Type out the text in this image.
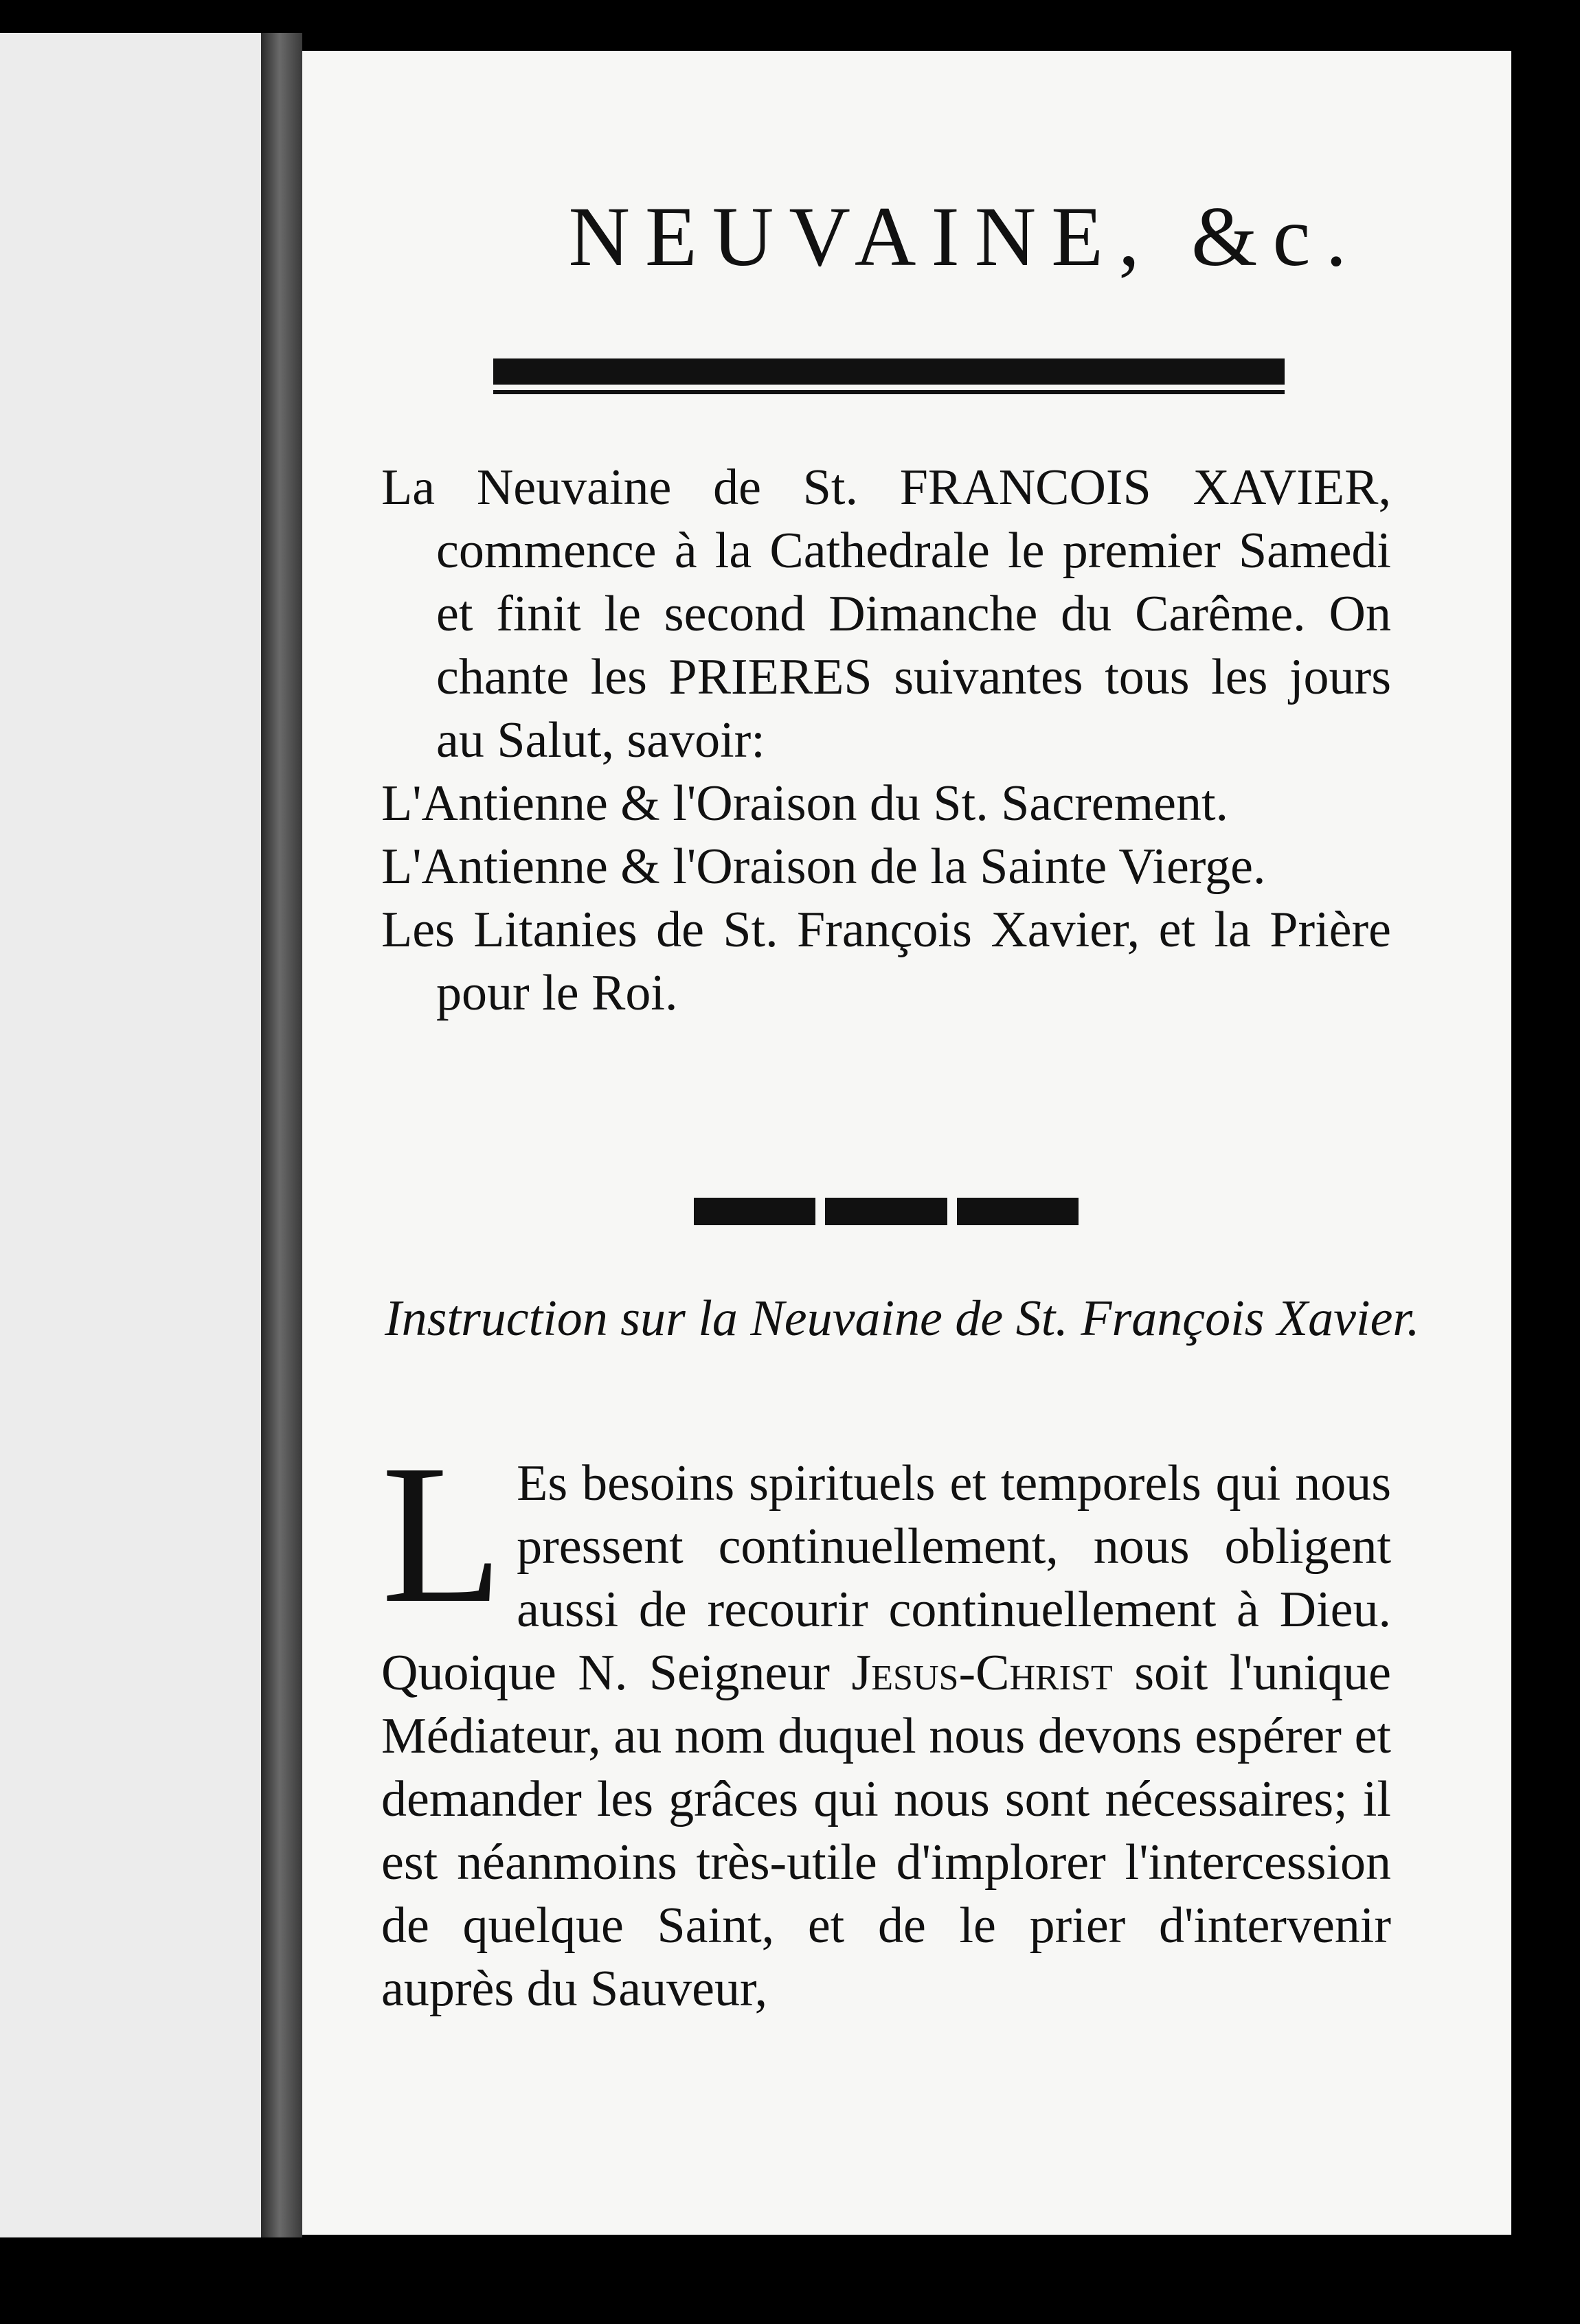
NEUVAINE, &c.

La Neuvaine de St. FRANCOIS XAVIER, commence à la Cathedrale le premier Samedi et finit le second Dimanche du Carême. On chante les PRIERES suivantes tous les jours au Salut, savoir:

L'Antienne & l'Oraison du St. Sacrement.

L'Antienne & l'Oraison de la Sainte Vierge.

Les Litanies de St. François Xavier, et la Prière pour le Roi.

Instruction sur la Neuvaine de St. François Xavier.
L Es besoins spirituels et temporels qui nous pressent continuellement, nous obligent aussi de recourir continuellement à Dieu. Quoique N. Seigneur Jesus-Christ soit l'unique Médiateur, au nom duquel nous devons espérer et demander les grâces qui nous sont nécessaires; il est néanmoins très-utile d'implorer l'intercession de quelque Saint, et de le prier d'intervenir auprès du Sauveur,
